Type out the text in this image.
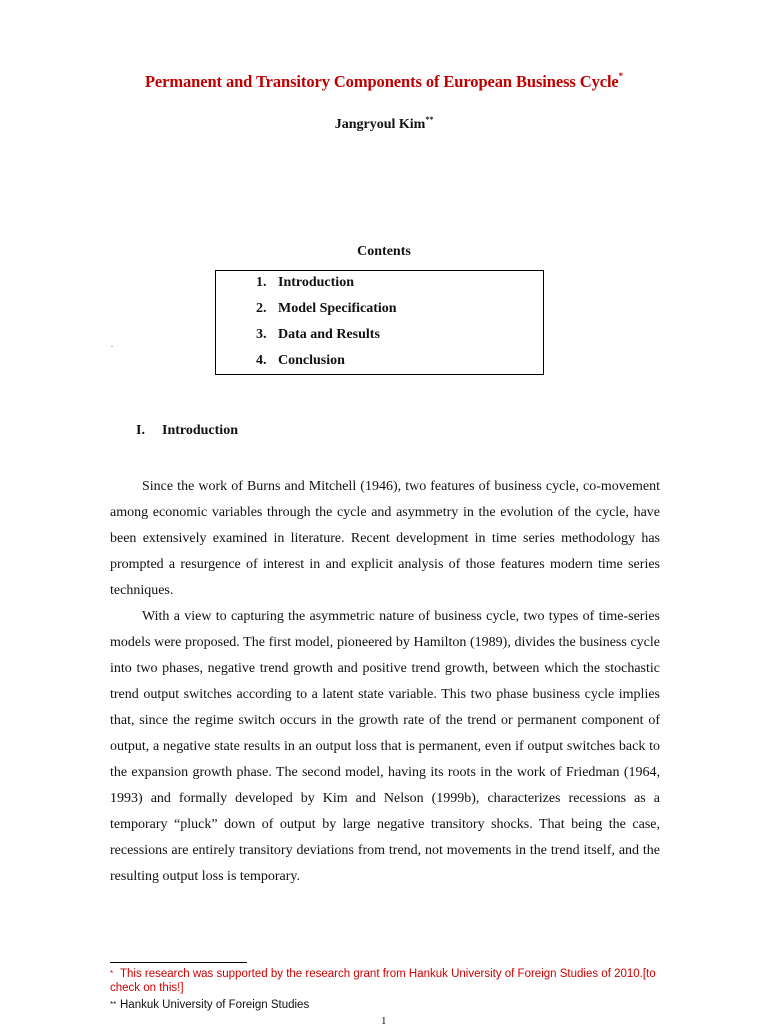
Permanent and Transitory Components of European Business Cycle*
Jangryoul Kim**
Contents
1. Introduction
2. Model Specification
3. Data and Results
4. Conclusion
.
I. Introduction

Since the work of Burns and Mitchell (1946), two features of business cycle, co-movement among economic variables through the cycle and asymmetry in the evolution of the cycle, have been extensively examined in literature. Recent development in time series methodology has prompted a resurgence of interest in and explicit analysis of those features modern time series techniques.

With a view to capturing the asymmetric nature of business cycle, two types of time-series models were proposed. The first model, pioneered by Hamilton (1989), divides the business cycle into two phases, negative trend growth and positive trend growth, between which the stochastic trend output switches according to a latent state variable. This two phase business cycle implies that, since the regime switch occurs in the growth rate of the trend or permanent component of output, a negative state results in an output loss that is permanent, even if output switches back to the expansion growth phase. The second model, having its roots in the work of Friedman (1964, 1993) and formally developed by Kim and Nelson (1999b), characterizes recessions as a temporary “pluck” down of output by large negative transitory shocks. That being the case, recessions are entirely transitory deviations from trend, not movements in the trend itself, and the resulting output loss is temporary.

* This research was supported by the research grant from Hankuk University of Foreign Studies of 2010.[to check on this!]
** Hankuk University of Foreign Studies
1
